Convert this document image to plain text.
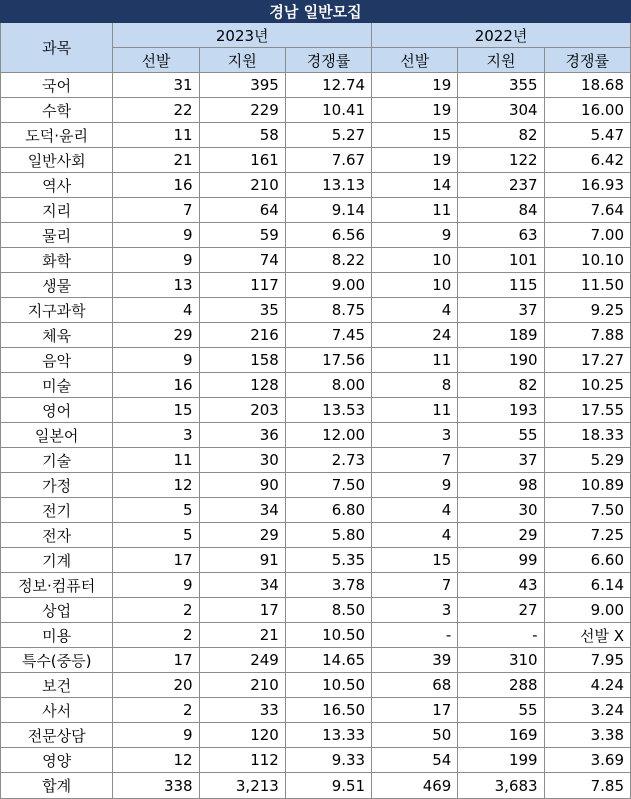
경남 일반모집						
과목	2023년			2022년		
	선발	지원	경쟁률	선발	지원	경쟁률
국어	31	395	12.74	19	355	18.68
수학	22	229	10.41	19	304	16.00
도덕·윤리	11	58	5.27	15	82	5.47
일반사회	21	161	7.67	19	122	6.42
역사	16	210	13.13	14	237	16.93
지리	7	64	9.14	11	84	7.64
물리	9	59	6.56	9	63	7.00
화학	9	74	8.22	10	101	10.10
생물	13	117	9.00	10	115	11.50
지구과학	4	35	8.75	4	37	9.25
체육	29	216	7.45	24	189	7.88
음악	9	158	17.56	11	190	17.27
미술	16	128	8.00	8	82	10.25
영어	15	203	13.53	11	193	17.55
일본어	3	36	12.00	3	55	18.33
기술	11	30	2.73	7	37	5.29
가정	12	90	7.50	9	98	10.89
전기	5	34	6.80	4	30	7.50
전자	5	29	5.80	4	29	7.25
기계	17	91	5.35	15	99	6.60
정보·컴퓨터	9	34	3.78	7	43	6.14
상업	2	17	8.50	3	27	9.00
미용	2	21	10.50	-	-	선발 X
특수(중등)	17	249	14.65	39	310	7.95
보건	20	210	10.50	68	288	4.24
사서	2	33	16.50	17	55	3.24
전문상담	9	120	13.33	50	169	3.38
영양	12	112	9.33	54	199	3.69
합계	338	3,213	9.51	469	3,683	7.85
